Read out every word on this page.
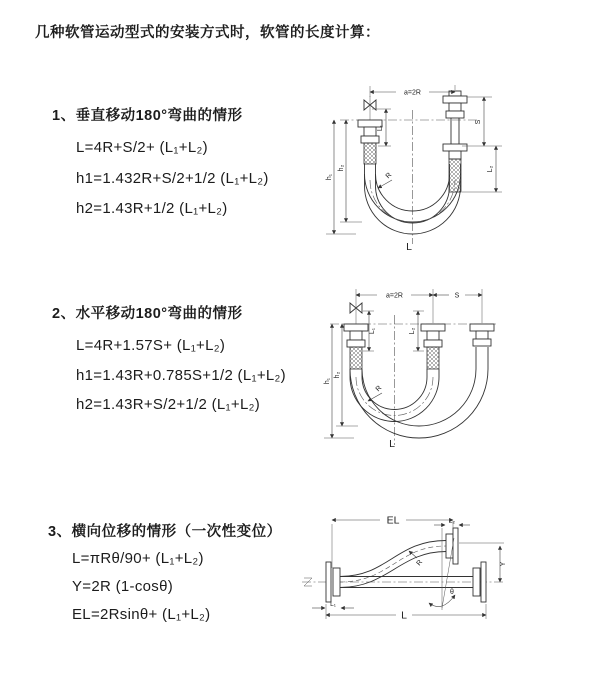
几种软管运动型式的安装方式时，软管的长度计算：
1、垂直移动180°弯曲的情形
L=4R+S/2+ (L₁+L₂)
h1=1.432R+S/2+1/2 (L₁+L₂)
h2=1.43R+1/2 (L₁+L₂)
2、水平移动180°弯曲的情形
L=4R+1.57S+ (L₁+L₂)
h1=1.43R+0.785S+1/2 (L₁+L₂)
h2=1.43R+S/2+1/2 (L₁+L₂)
3、横向位移的情形（一次性变位）
L=πRθ/90+ (L₁+L₂)
Y=2R (1-cosθ)
EL=2Rsinθ+ (L₁+L₂)
a=2R
S
L₂
L₁
h₁
h₂
R
L
a=2R	S
L₁	L₂
h₁
h₂
R
L
θ
EL	L₂
Y
R
L₁
L
